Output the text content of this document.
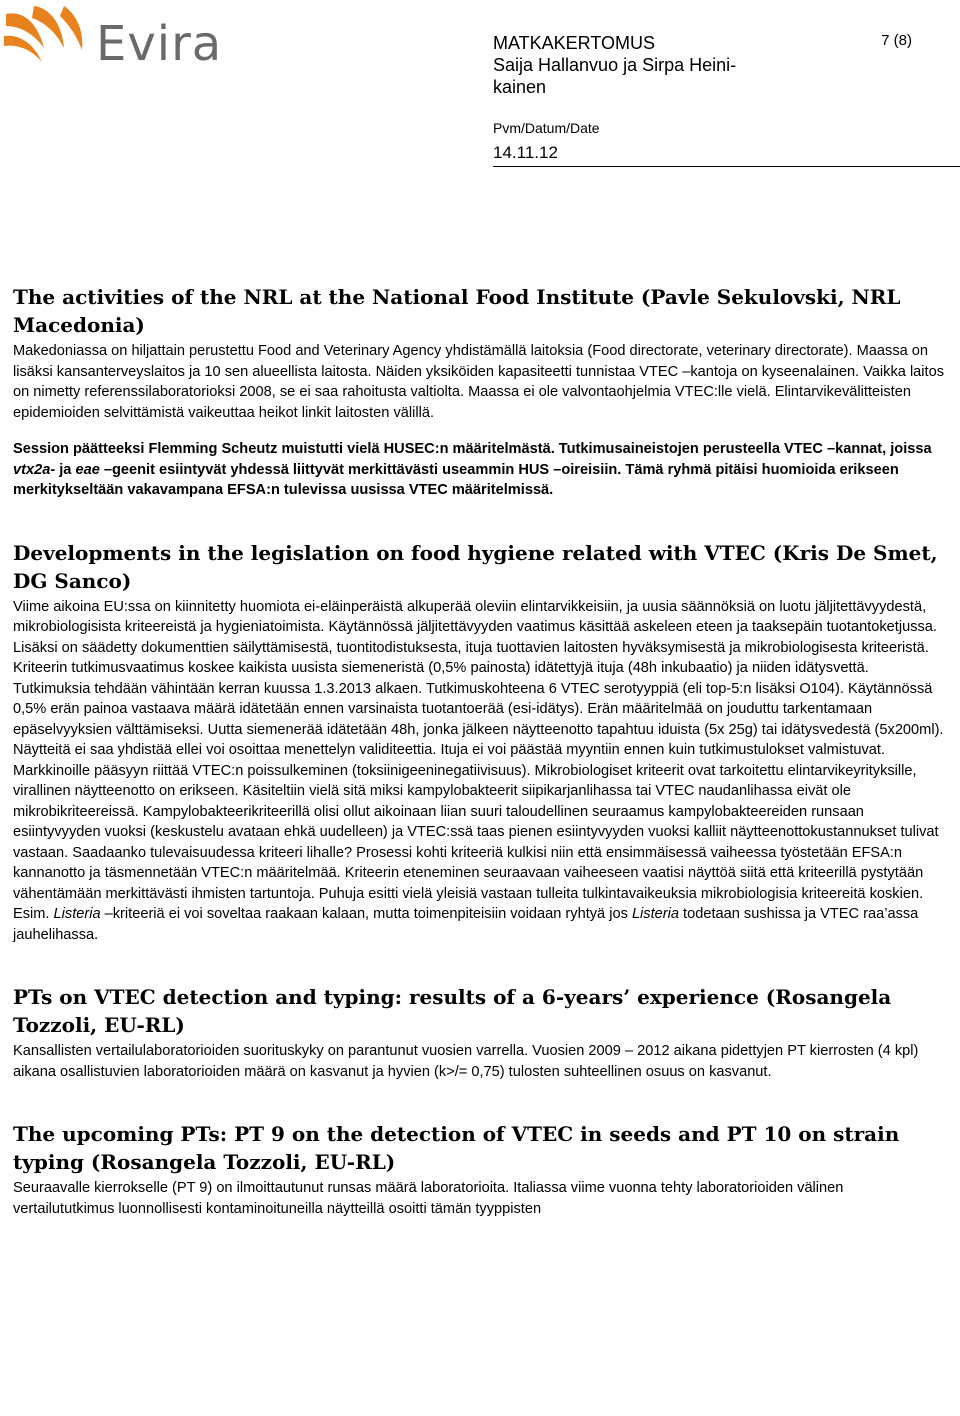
Evira	MATKAKERTOMUS
Saija Hallanvuo ja Sirpa Heini-kainen
7 (8)
Pvm/Datum/Date
14.11.12
The activities of the NRL at the National Food Institute (Pavle Sekulovski, NRL Macedonia)

Makedoniassa on hiljattain perustettu Food and Veterinary Agency yhdistämällä laitoksia (Food directorate, veterinary directorate). Maassa on lisäksi kansanterveyslaitos ja 10 sen alueellista laitosta. Näiden yksiköiden kapasiteetti tunnistaa VTEC –kantoja on kyseenalainen. Vaikka laitos on nimetty referenssilaboratorioksi 2008, se ei saa rahoitusta valtiolta. Maassa ei ole valvontaohjelmia VTEC:lle vielä. Elintarvikevälitteisten epidemioiden selvittämistä vaikeuttaa heikot linkit laitosten välillä.

Session päätteeksi Flemming Scheutz muistutti vielä HUSEC:n määritelmästä. Tutkimusaineistojen perusteella VTEC –kannat, joissa vtx2a- ja eae –geenit esiintyvät yhdessä liittyvät merkittävästi useammin HUS –oireisiin. Tämä ryhmä pitäisi huomioida erikseen merkitykseltään vakavampana EFSA:n tulevissa uusissa VTEC määritelmissä.

Developments in the legislation on food hygiene related with VTEC (Kris De Smet, DG Sanco)

Viime aikoina EU:ssa on kiinnitetty huomiota ei-eläinperäistä alkuperää oleviin elintarvikkeisiin, ja uusia säännöksiä on luotu jäljitettävyydestä, mikrobiologisista kriteereistä ja hygieniatoimista. Käytännössä jäljitettävyyden vaatimus käsittää askeleen eteen ja taaksepäin tuotantoketjussa. Lisäksi on säädetty dokumenttien säilyttämisestä, tuontitodistuksesta, ituja tuottavien laitosten hyväksymisestä ja mikrobiologisesta kriteeristä. Kriteerin tutkimusvaatimus koskee kaikista uusista siemeneristä (0,5% painosta) idätettyjä ituja (48h inkubaatio) ja niiden idätysvettä. Tutkimuksia tehdään vähintään kerran kuussa 1.3.2013 alkaen. Tutkimuskohteena 6 VTEC serotyyppiä (eli top-5:n lisäksi O104). Käytännössä 0,5% erän painoa vastaava määrä idätetään ennen varsinaista tuotantoerää (esi-idätys). Erän määritelmää on jouduttu tarkentamaan epäselvyyksien välttämiseksi. Uutta siemenerää idätetään 48h, jonka jälkeen näytteenotto tapahtuu iduista (5x 25g) tai idätysvedestä (5x200ml). Näytteitä ei saa yhdistää ellei voi osoittaa menettelyn validiteettia. Ituja ei voi päästää myyntiin ennen kuin tutkimustulokset valmistuvat. Markkinoille pääsyyn riittää VTEC:n poissulkeminen (toksiinigeeninegatiivisuus). Mikrobiologiset kriteerit ovat tarkoitettu elintarvikeyrityksille, virallinen näytteenotto on erikseen. Käsiteltiin vielä sitä miksi kampylobakteerit siipikarjanlihassa tai VTEC naudanlihassa eivät ole mikrobikriteereissä. Kampylobakteerikriteerillä olisi ollut aikoinaan liian suuri taloudellinen seuraamus kampylobakteereiden runsaan esiintyvyyden vuoksi (keskustelu avataan ehkä uudelleen) ja VTEC:ssä taas pienen esiintyvyyden vuoksi kalliit näytteenottokustannukset tulivat vastaan. Saadaanko tulevaisuudessa kriteeri lihalle? Prosessi kohti kriteeriä kulkisi niin että ensimmäisessä vaiheessa työstetään EFSA:n kannanotto ja täsmennetään VTEC:n määritelmää. Kriteerin eteneminen seuraavaan vaiheeseen vaatisi näyttöä siitä että kriteerillä pystytään vähentämään merkittävästi ihmisten tartuntoja. Puhuja esitti vielä yleisiä vastaan tulleita tulkintavaikeuksia mikrobiologisia kriteereitä koskien. Esim. Listeria –kriteeriä ei voi soveltaa raakaan kalaan, mutta toimenpiteisiin voidaan ryhtyä jos Listeria todetaan sushissa ja VTEC raa’assa jauhelihassa.

PTs on VTEC detection and typing: results of a 6-years’ experience (Rosangela Tozzoli, EU-RL)

Kansallisten vertailulaboratorioiden suorituskyky on parantunut vuosien varrella. Vuosien 2009 – 2012 aikana pidettyjen PT kierrosten (4 kpl) aikana osallistuvien laboratorioiden määrä on kasvanut ja hyvien (k>/= 0,75) tulosten suhteellinen osuus on kasvanut.

The upcoming PTs: PT 9 on the detection of VTEC in seeds and PT 10 on strain typing (Rosangela Tozzoli, EU-RL)

Seuraavalle kierrokselle (PT 9) on ilmoittautunut runsas määrä laboratorioita. Italiassa viime vuonna tehty laboratorioiden välinen vertailututkimus luonnollisesti kontaminoituneilla näytteillä osoitti tämän tyyppisten
